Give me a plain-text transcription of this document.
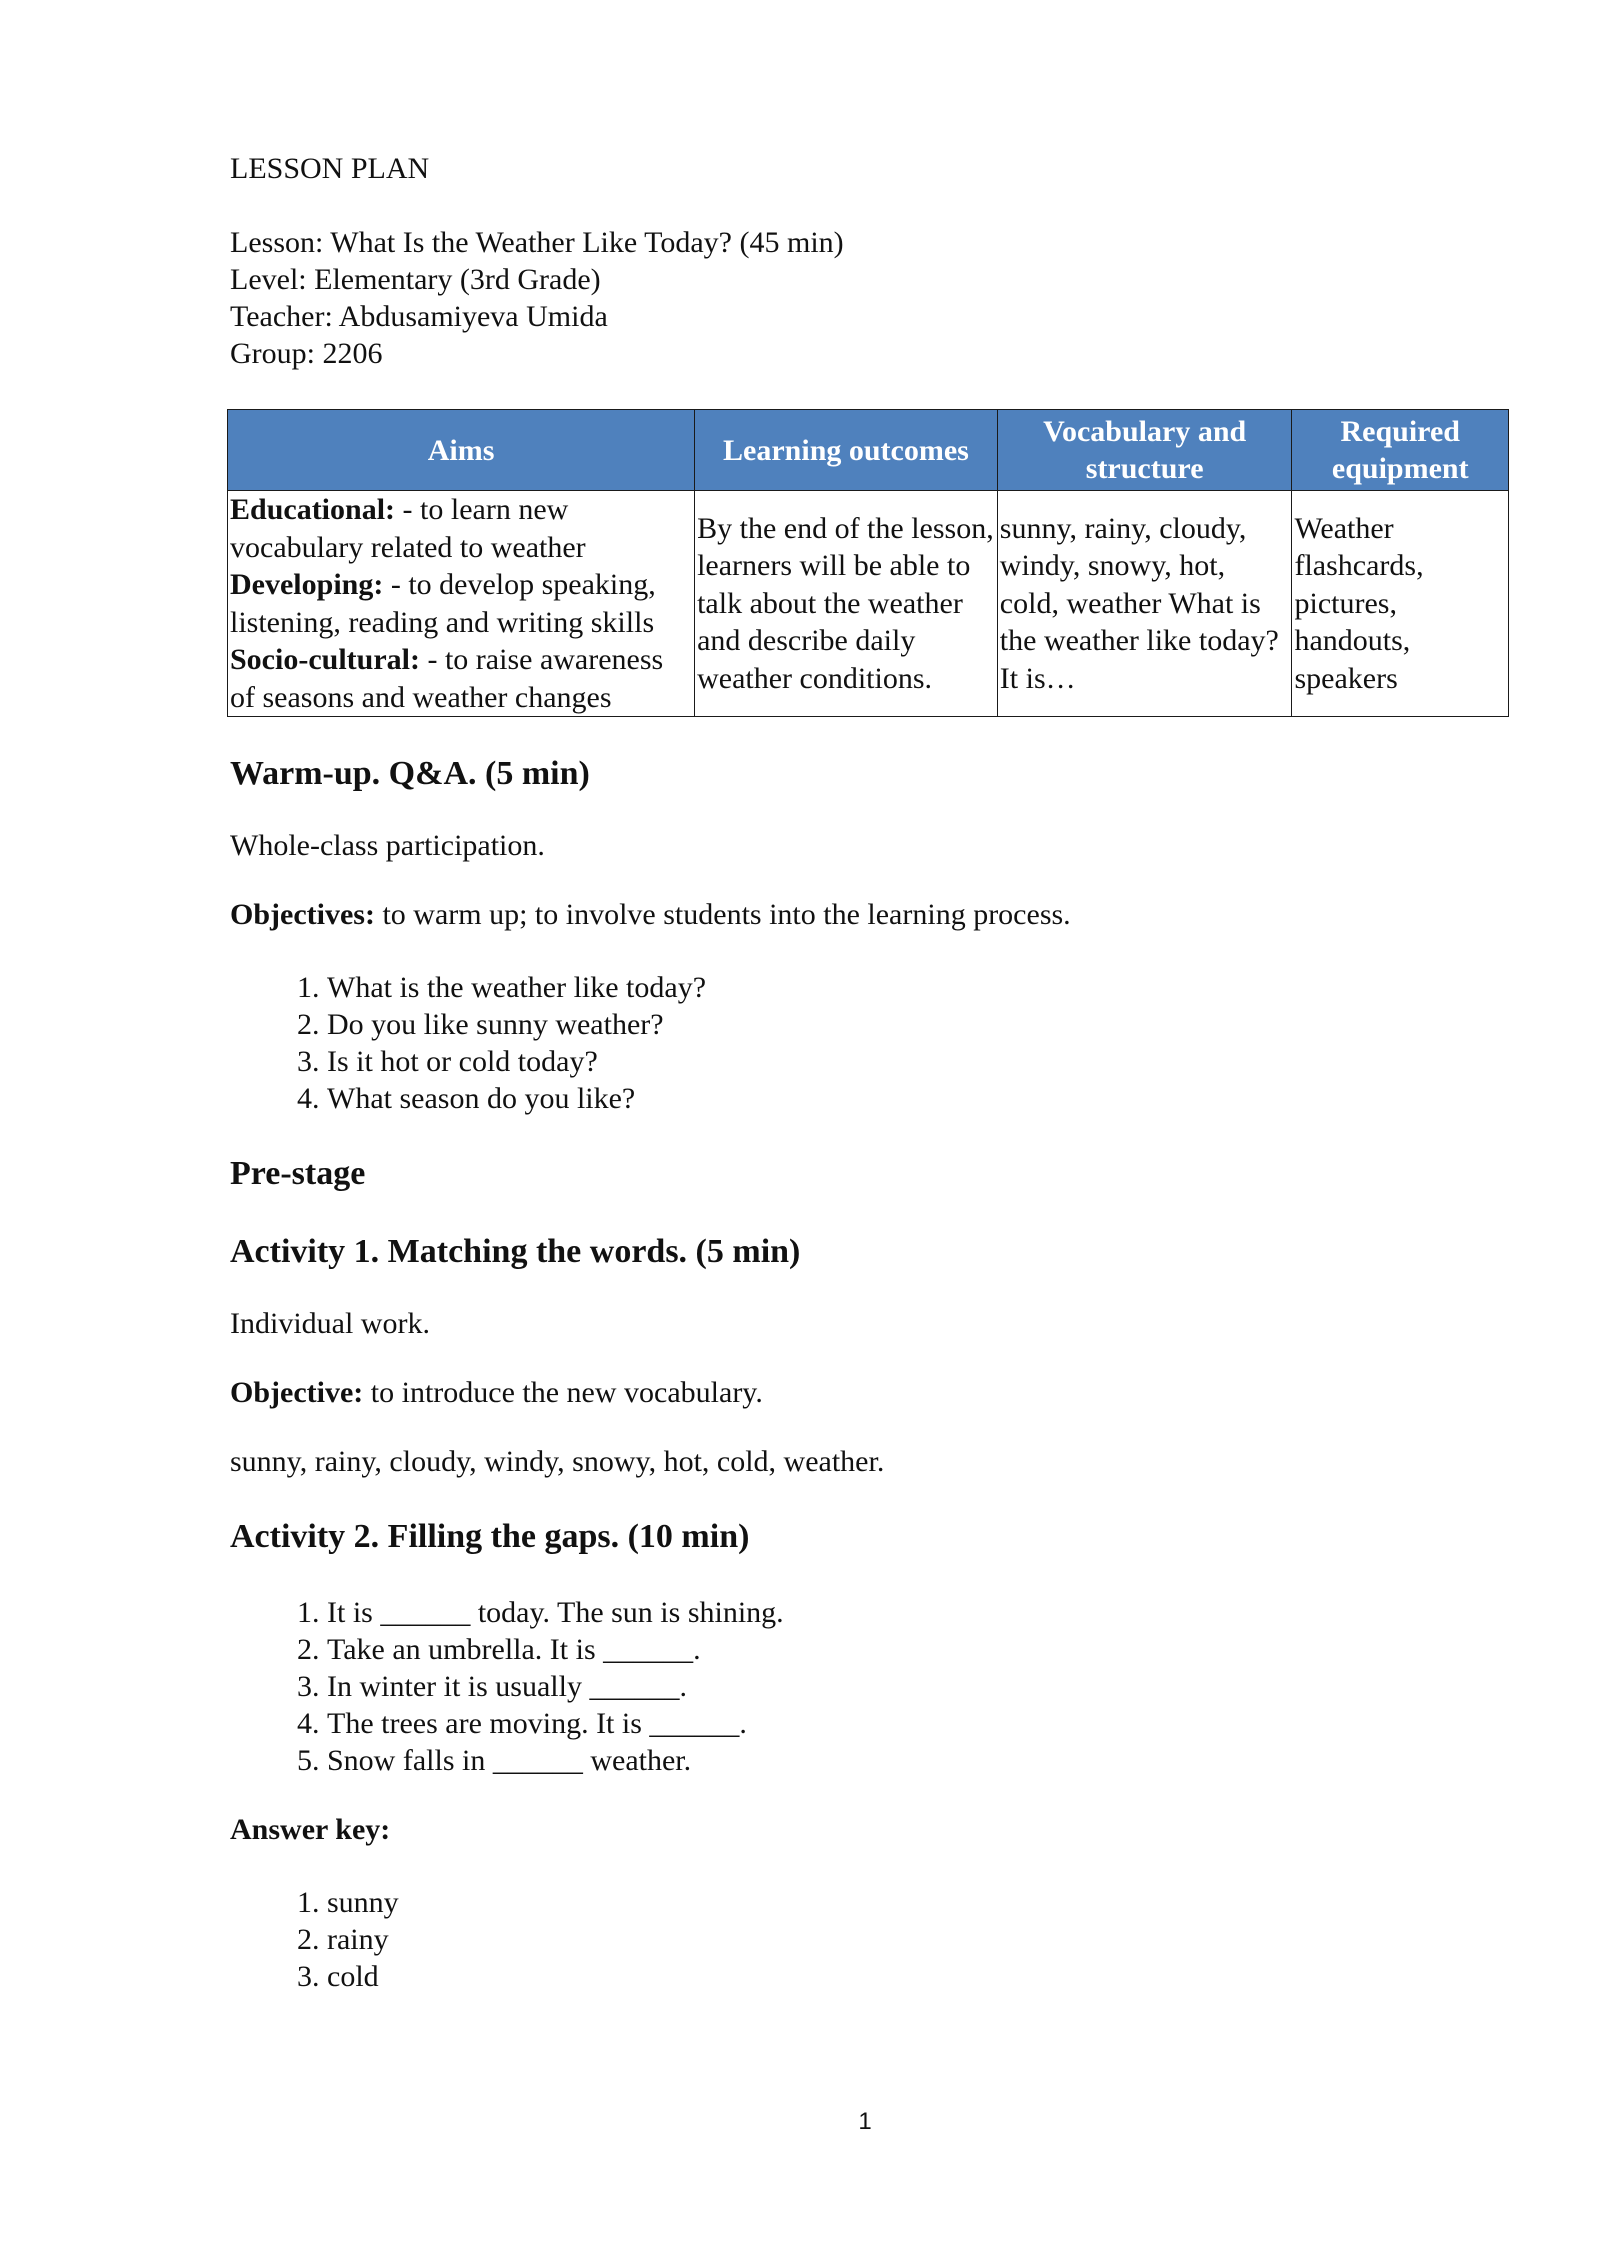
LESSON PLAN

Lesson: What Is the Weather Like Today? (45 min)

Level: Elementary (3rd Grade)

Teacher: Abdusamiyeva Umida

Group: 2206

Aims	Learning outcomes	Vocabulary and structure	Required equipment

Educational: - to learn new vocabulary related to weather
Developing: - to develop speaking, listening, reading and writing skills
Socio-cultural: - to raise awareness of seasons and weather changes	By the end of the lesson, learners will be able to talk about the weather and describe daily weather conditions.	sunny, rainy, cloudy, windy, snowy, hot, cold, weather What is the weather like today? It is…	Weather flashcards, pictures, handouts, speakers
Warm-up. Q&A. (5 min)

Whole-class participation.

Objectives: to warm up; to involve students into the learning process.

1. What is the weather like today?
2. Do you like sunny weather?
3. Is it hot or cold today?
4. What season do you like?
Pre-stage
Activity 1. Matching the words. (5 min)

Individual work.

Objective: to introduce the new vocabulary.

sunny, rainy, cloudy, windy, snowy, hot, cold, weather.

Activity 2. Filling the gaps. (10 min)
1. It is ______ today. The sun is shining.
2. Take an umbrella. It is ______.
3. In winter it is usually ______.
4. The trees are moving. It is ______.
5. Snow falls in ______ weather.

Answer key:

1. sunny
2. rainy
3. cold
1
